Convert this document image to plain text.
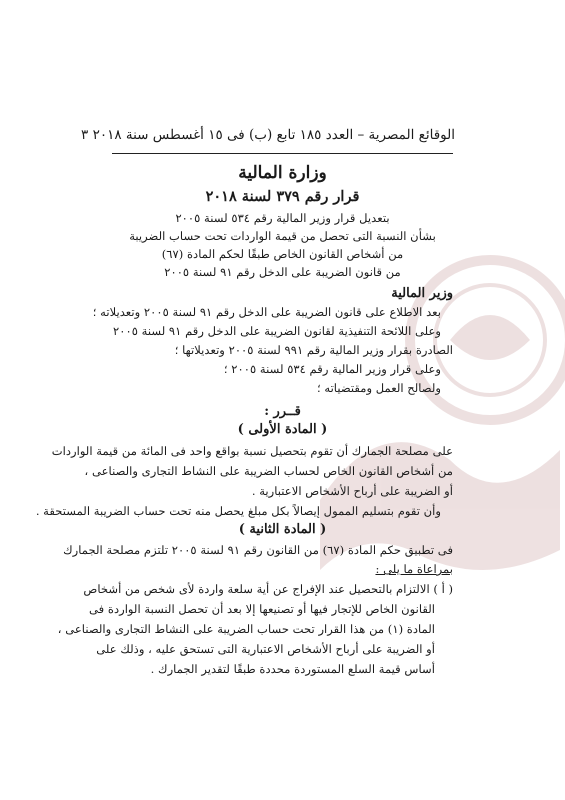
الوقائع المصرية – العدد ١٨٥ تابع (ب) فى ١٥ أغسطس سنة ٢٠١٨ ٣
وزارة المالية
قرار رقم ٣٧٩ لسنة ٢٠١٨
بتعديل قرار وزير المالية رقم ٥٣٤ لسنة ٢٠٠٥
بشأن النسبة التى تحصل من قيمة الواردات تحت حساب الضريبة
من أشخاص القانون الخاص طبقًا لحكم المادة (٦٧)
من قانون الضريبة على الدخل رقم ٩١ لسنة ٢٠٠٥
وزير المالية
بعد الاطلاع على قانون الضريبة على الدخل رقم ٩١ لسنة ٢٠٠٥ وتعديلاته ؛
وعلى اللائحة التنفيذية لقانون الضريبة على الدخل رقم ٩١ لسنة ٢٠٠٥
الصادرة بقرار وزير المالية رقم ٩٩١ لسنة ٢٠٠٥ وتعديلاتها ؛
وعلى قرار وزير المالية رقم ٥٣٤ لسنة ٢٠٠٥ ؛
ولصالح العمل ومقتضياته ؛
قــرر :
( المادة الأولى )
على مصلحة الجمارك أن تقوم بتحصيل نسبة بواقع واحد فى المائة من قيمة الواردات
من أشخاص القانون الخاص لحساب الضريبة على النشاط التجارى والصناعى ،
أو الضريبة على أرباح الأشخاص الاعتبارية .
وأن تقوم بتسليم الممول إيصالاً بكل مبلغ يحصل منه تحت حساب الضريبة المستحقة .
( المادة الثانية )
فى تطبيق حكم المادة (٦٧) من القانون رقم ٩١ لسنة ٢٠٠٥ تلتزم مصلحة الجمارك
بمراعاة ما يلى :
( أ ) الالتزام بالتحصيل عند الإفراج عن أية سلعة واردة لأى شخص من أشخاص
القانون الخاص للإتجار فيها أو تصنيعها إلا بعد أن تحصل النسبة الواردة فى
المادة (١) من هذا القرار تحت حساب الضريبة على النشاط التجارى والصناعى ،
أو الضريبة على أرباح الأشخاص الاعتبارية التى تستحق عليه ، وذلك على
أساس قيمة السلع المستوردة محددة طبقًا لتقدير الجمارك .
